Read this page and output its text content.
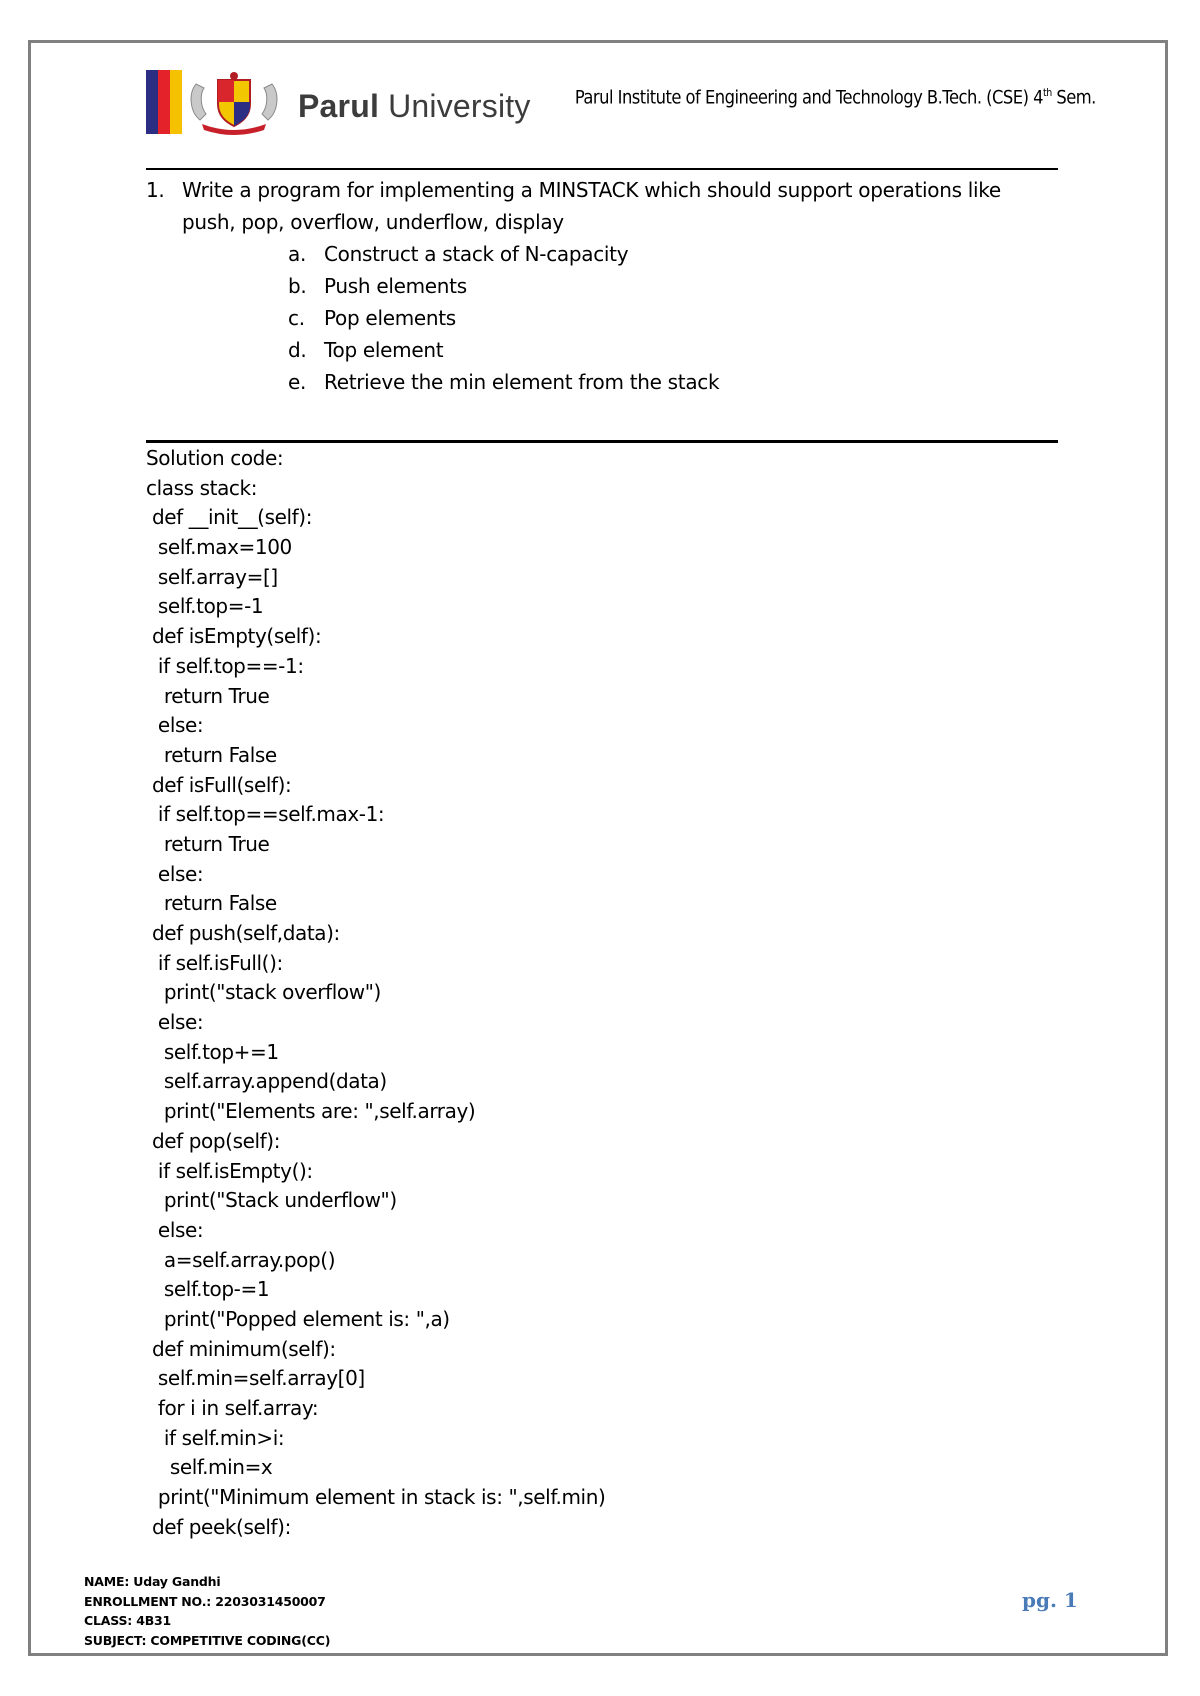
Parul University Parul Institute of Engineering and Technology B.Tech. (CSE) 4th Sem.
1. Write a program for implementing a MINSTACK which should support operations like push, pop, overflow, underflow, display
a. Construct a stack of N-capacity
b. Push elements
c. Pop elements
d. Top element
e. Retrieve the min element from the stack
Solution code:
class stack:
def __init__(self):
self.max=100
self.array=[]
self.top=-1
def isEmpty(self):
if self.top==-1:
return True
else:
return False
def isFull(self):
if self.top==self.max-1:
return True
else:
return False
def push(self,data):
if self.isFull():
print("stack overflow")
else:
self.top+=1
self.array.append(data)
print("Elements are: ",self.array)
def pop(self):
if self.isEmpty():
print("Stack underflow")
else:
a=self.array.pop()
self.top-=1
print("Popped element is: ",a)
def minimum(self):
self.min=self.array[0]
for i in self.array:
if self.min>i:
self.min=x
print("Minimum element in stack is: ",self.min)
def peek(self):
NAME: Uday Gandhi
ENROLLMENT NO.: 2203031450007
CLASS: 4B31
SUBJECT: COMPETITIVE CODING(CC)
pg. 1
